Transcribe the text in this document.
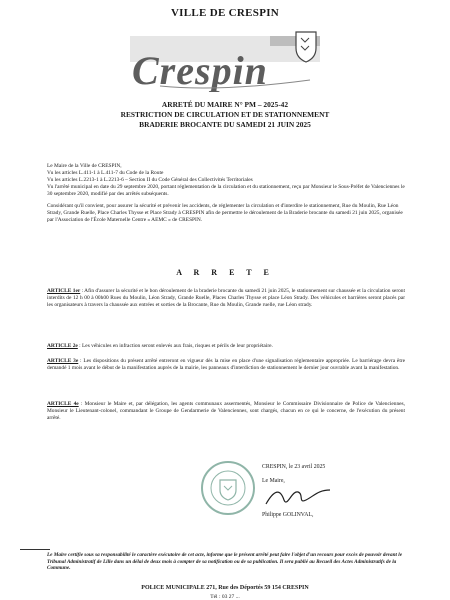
VILLE DE CRESPIN
Crespin
ARRETÉ DU MAIRE N° PM – 2025-42
RESTRICTION DE CIRCULATION ET DE STATIONNEMENT
BRADERIE BROCANTE DU SAMEDI 21 JUIN 2025

Le Maire de la Ville de CRESPIN,

Vu les articles L.411-1 à L.411-7 du Code de la Route

Vu les articles L.2213-1 à L.2213-6 – Section II du Code Général des Collectivités Territoriales

Vu l'arrêté municipal en date du 29 septembre 2020, portant réglementation de la circulation et du stationnement, reçu par Monsieur le Sous-Préfet de Valenciennes le 30 septembre 2020, modifié par des arrêtés subséquents.

Considérant qu'il convient, pour assurer la sécurité et prévenir les accidents, de réglementer la circulation et d'interdire le stationnement, Rue du Moulin, Rue Léon Strady, Grande Ruelle, Place Charles Thysse et Place Strady à CRESPIN afin de permettre le déroulement de la Braderie brocante du samedi 21 juin 2025, organisée par l'Association de l'École Maternelle Centre « AEMC » de CRESPIN.

A R R E T E
ARTICLE 1er : Afin d'assurer la sécurité et le bon déroulement de la braderie brocante du samedi 21 juin 2025, le stationnement sur chaussée et la circulation seront interdits de 12 h 00 à 00h00 Rues du Moulin, Léon Strady, Grande Ruelle, Places Charles Thysse et place Léon Strady. Des véhicules et barrières seront placés par les organisateurs à travers la chaussée aux entrées et sorties de la Brocante, Rue du Moulin, Grande ruelle, rue Léon strady.
ARTICLE 2e : Les véhicules en infraction seront enlevés aux frais, risques et périls de leur propriétaire.
ARTICLE 3e : Les dispositions du présent arrêté entreront en vigueur dès la mise en place d'une signalisation réglementaire appropriée. Le barriérage devra être demandé 1 mois avant le début de la manifestation auprès de la mairie, les panneaux d'interdiction de stationnement le dernier jour ouvrable avant la manifestation.
ARTICLE 4e : Monsieur le Maire et, par délégation, les agents communaux assermentés, Monsieur le Commissaire Divisionnaire de Police de Valenciennes, Monsieur le Lieutenant-colonel, commandant le Groupe de Gendarmerie de Valenciennes, sont chargés, chacun en ce qui le concerne, de l'exécution du présent arrêté.
CRESPIN, le 23 avril 2025
Le Maire,
Philippe GOLINVAL,
Le Maire certifie sous sa responsabilité le caractère exécutoire de cet acte, informe que le présent arrêté peut faire l'objet d'un recours pour excès de pouvoir devant le Tribunal Administratif de Lille dans un délai de deux mois à compter de sa notification ou de sa publication. Il sera publié au Recueil des Actes Administratifs de la Commune.
POLICE MUNICIPALE 271, Rue des Déportés 59 154 CRESPIN
Tél : 03 27 ...
